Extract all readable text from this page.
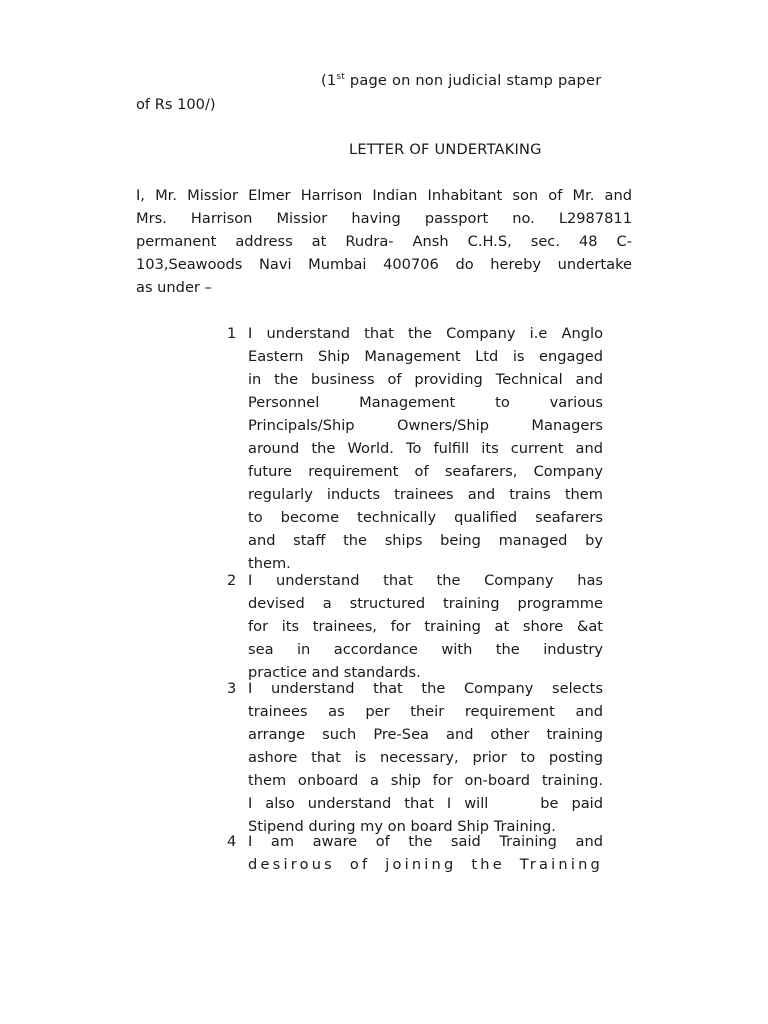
(1st page on non judicial stamp paper
of Rs 100/)
LETTER OF UNDERTAKING
I, Mr. Missior Elmer Harrison Indian Inhabitant son of Mr. and
Mrs. Harrison Missior having passport no. L2987811
permanent address at Rudra- Ansh C.H.S, sec. 48 C-
103,Seawoods Navi Mumbai 400706 do hereby undertake
as under –
1 I understand that the Company i.e Anglo
Eastern Ship Management Ltd is engaged
in the business of providing Technical and
Personnel Management to various
Principals/Ship Owners/Ship Managers
around the World. To fulfill its current and
future requirement of seafarers, Company
regularly inducts trainees and trains them
to become technically qualified seafarers
and staff the ships being managed by
them.
2 I understand that the Company has
devised a structured training programme
for its trainees, for training at shore &at
sea in accordance with the industry
practice and standards.
3 I understand that the Company selects
trainees as per their requirement and
arrange such Pre-Sea and other training
ashore that is necessary, prior to posting
them onboard a ship for on-board training.
I also understand that I will    be paid
Stipend during my on board Ship Training.
4 I am aware of the said Training and
desirous of joining the Training
